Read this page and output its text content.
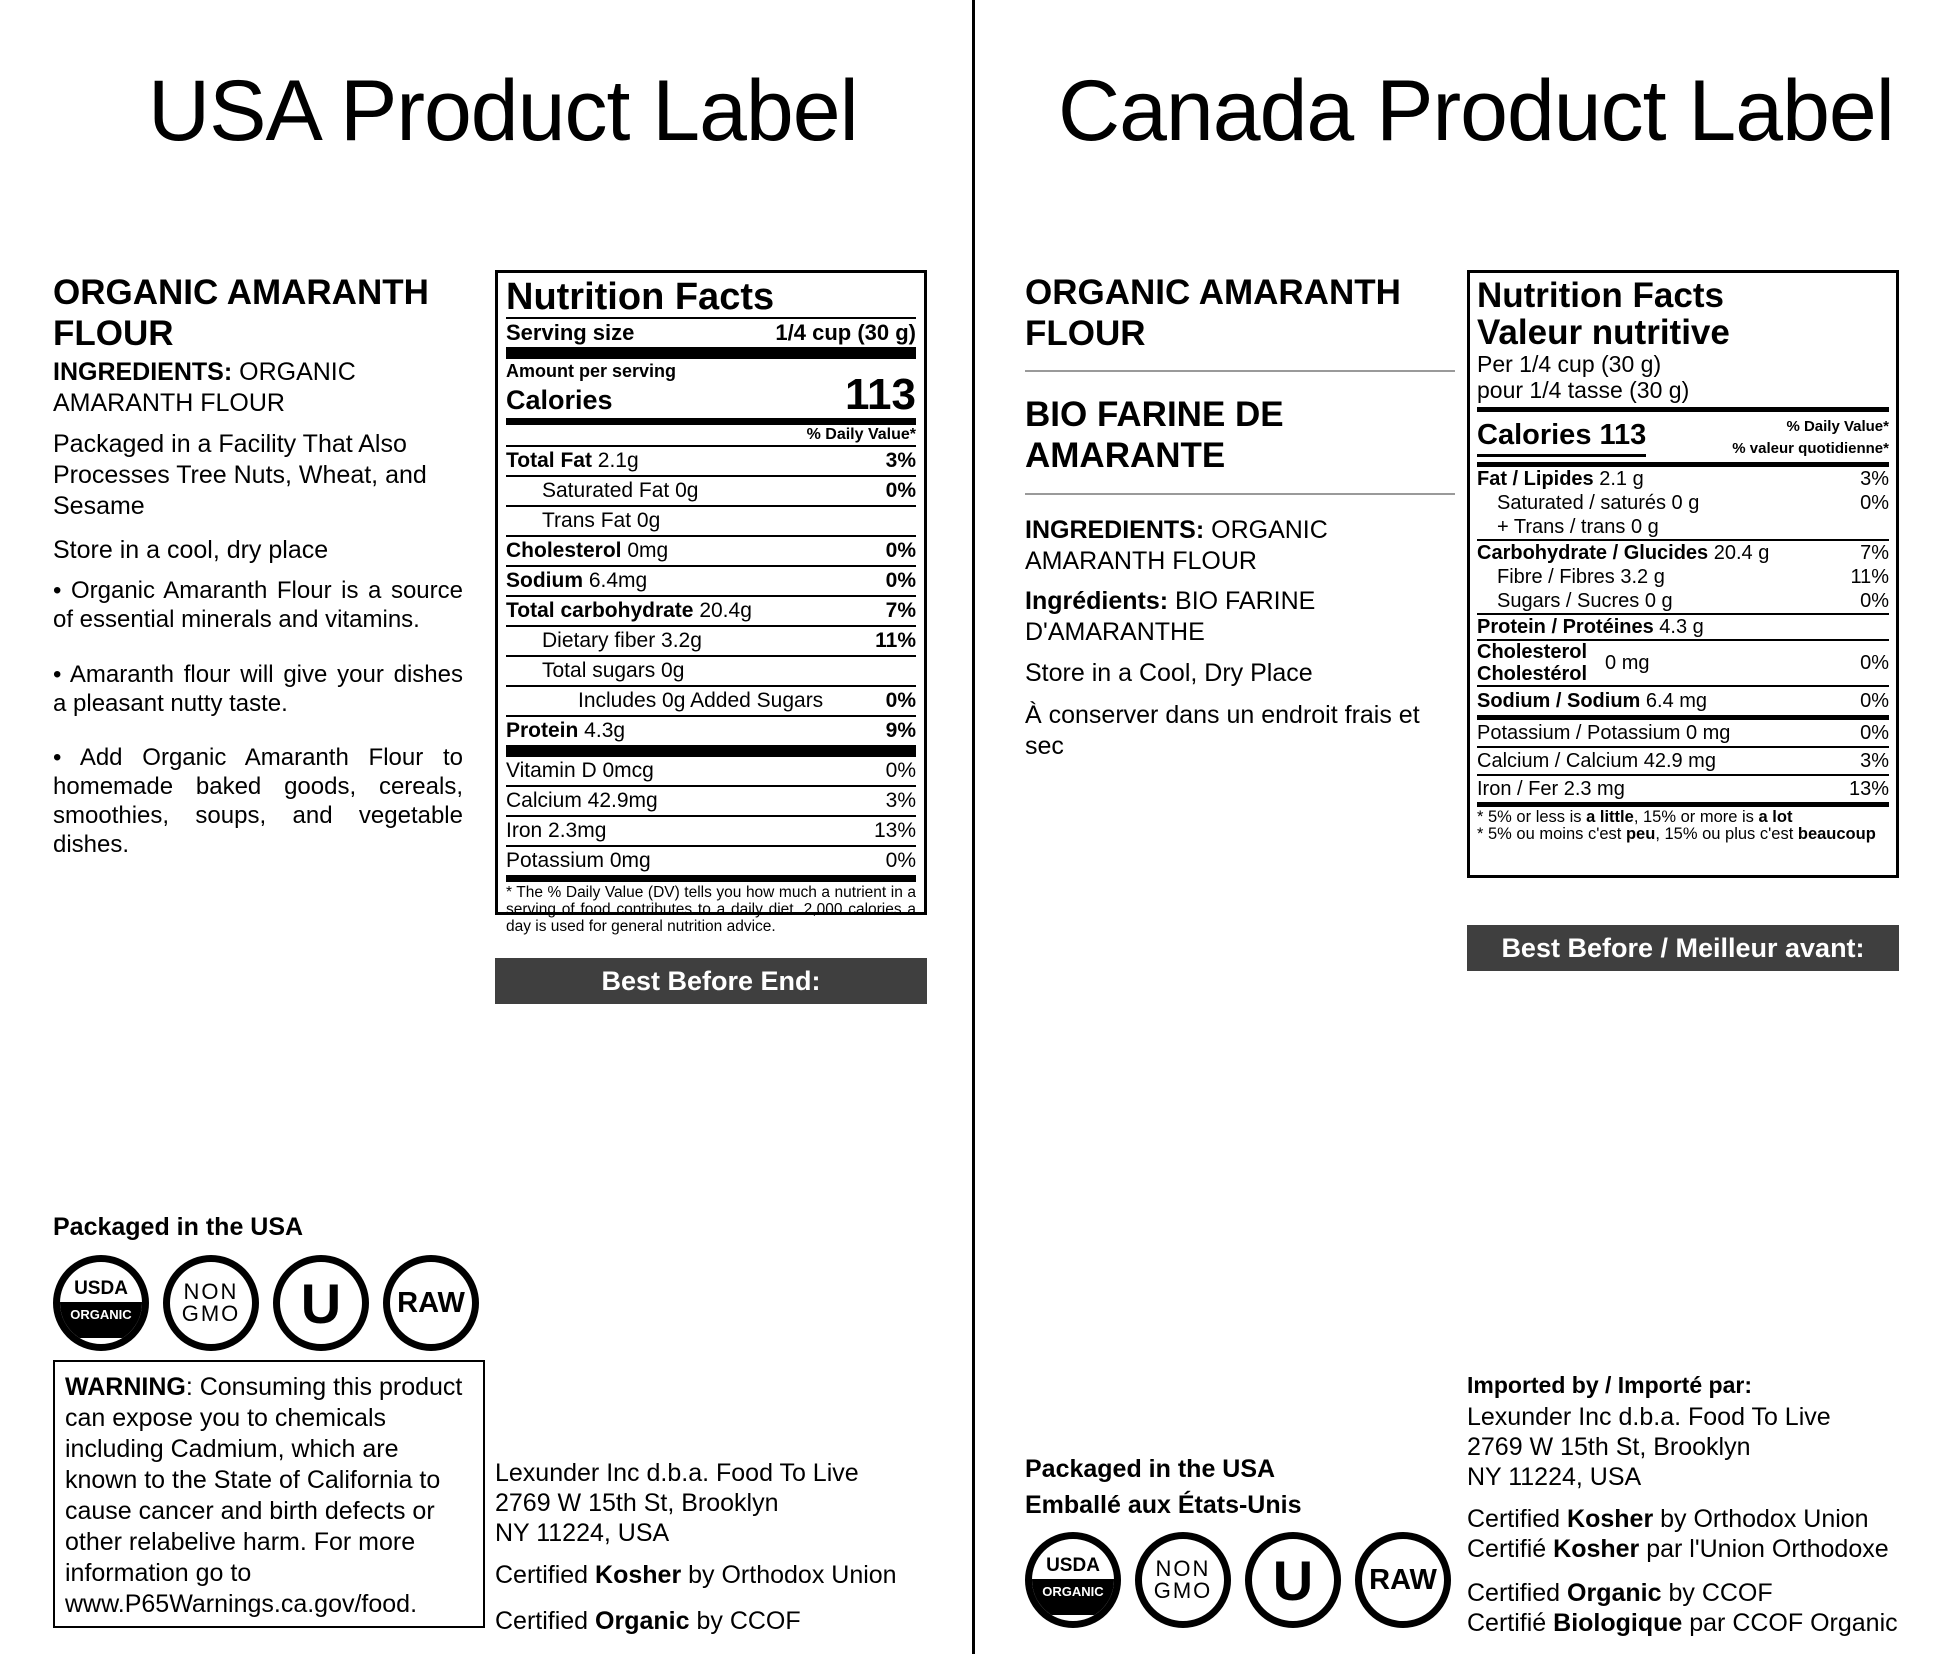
USA Product Label
ORGANIC AMARANTH
FLOUR
INGREDIENTS: ORGANIC
AMARANTH FLOUR
Packaged in a Facility That Also Processes Tree Nuts, Wheat, and Sesame
Store in a cool, dry place
• Organic Amaranth Flour is a source of essential minerals and vitamins.
• Amaranth flour will give your dishes a pleasant nutty taste.
• Add Organic Amaranth Flour to homemade baked goods, cereals, smoothies, soups, and vegetable dishes.
Nutrition Facts
Serving size	1/4 cup (30 g)
Amount per serving
Calories	113
% Daily Value*
Total Fat 2.1g	3%
Saturated Fat 0g	0%
Trans Fat 0g
Cholesterol 0mg	0%
Sodium 6.4mg	0%
Total carbohydrate 20.4g	7%
Dietary fiber 3.2g	11%
Total sugars 0g
Includes 0g Added Sugars	0%
Protein 4.3g	9%
Vitamin D 0mcg	0%
Calcium 42.9mg	3%
Iron 2.3mg	13%
Potassium 0mg	0%
* The % Daily Value (DV) tells you how much a nutrient in a serving of food contributes to a daily diet. 2,000 calories a day is used for general nutrition advice.
Best Before End:
Packaged in the USA
USDA
ORGANIC
NON
GMO U RAW
WARNING: Consuming this product can expose you to chemicals including Cadmium, which are known to the State of California to cause cancer and birth defects or other relabelive harm. For more information go to www.P65Warnings.ca.gov/food.
Lexunder Inc d.b.a. Food To Live
2769 W 15th St, Brooklyn
NY 11224, USA
Certified Kosher by Orthodox Union
Certified Organic by CCOF
Canada Product Label
ORGANIC AMARANTH
FLOUR
BIO FARINE DE
AMARANTE
INGREDIENTS: ORGANIC
AMARANTH FLOUR
Ingrédients: BIO FARINE
D'AMARANTHE
Store in a Cool, Dry Place
À conserver dans un endroit frais et sec
Nutrition Facts
Valeur nutritive
Per 1/4 cup (30 g)
pour 1/4 tasse (30 g)
Calories 113	% Daily Value*
% valeur quotidienne*
Fat / Lipides 2.1 g	3%
Saturated / saturés 0 g	0%
+ Trans / trans 0 g
Carbohydrate / Glucides 20.4 g	7%
Fibre / Fibres 3.2 g	11%
Sugars / Sucres 0 g	0%
Protein / Protéines 4.3 g
Cholesterol
Cholestérol 0 mg	0%
Sodium / Sodium 6.4 mg	0%
Potassium / Potassium 0 mg	0%
Calcium / Calcium 42.9 mg	3%
Iron / Fer 2.3 mg	13%
* 5% or less is a little, 15% or more is a lot
* 5% ou moins c'est peu, 15% ou plus c'est beaucoup
Best Before / Meilleur avant:
Packaged in the USA
Emballé aux États-Unis
USDA
ORGANIC
NON
GMO U RAW
Imported by / Importé par:
Lexunder Inc d.b.a. Food To Live
2769 W 15th St, Brooklyn
NY 11224, USA
Certified Kosher by Orthodox Union
Certifié Kosher par l'Union Orthodoxe
Certified Organic by CCOF
Certifié Biologique par CCOF Organic
